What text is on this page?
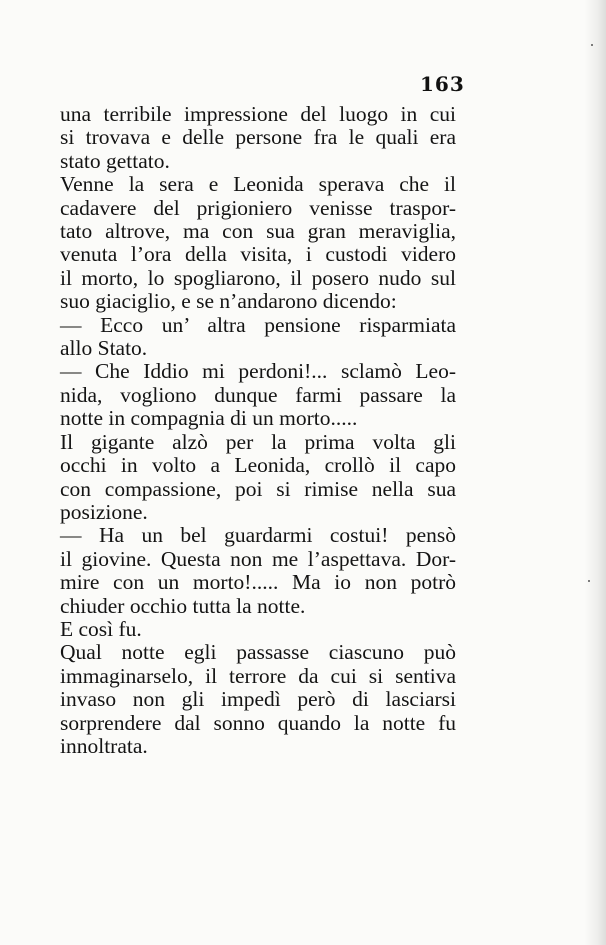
163
una terribile impressione del luogo in cui
si trovava e delle persone fra le quali era
stato gettato.
Venne la sera e Leonida sperava che il
cadavere del prigioniero venisse traspor-
tato altrove, ma con sua gran meraviglia,
venuta l’ora della visita, i custodi videro
il morto, lo spogliarono, il posero nudo sul
suo giaciglio, e se n’andarono dicendo:
— Ecco un’ altra pensione risparmiata
allo Stato.
— Che Iddio mi perdoni!... sclamò Leo-
nida, vogliono dunque farmi passare la
notte in compagnia di un morto.....
Il gigante alzò per la prima volta gli
occhi in volto a Leonida, crollò il capo
con compassione, poi si rimise nella sua
posizione.
— Ha un bel guardarmi costui! pensò
il giovine. Questa non me l’aspettava. Dor-
mire con un morto!..... Ma io non potrò
chiuder occhio tutta la notte.
E così fu.
Qual notte egli passasse ciascuno può
immaginarselo, il terrore da cui si sentiva
invaso non gli impedì però di lasciarsi
sorprendere dal sonno quando la notte fu
innoltrata.
